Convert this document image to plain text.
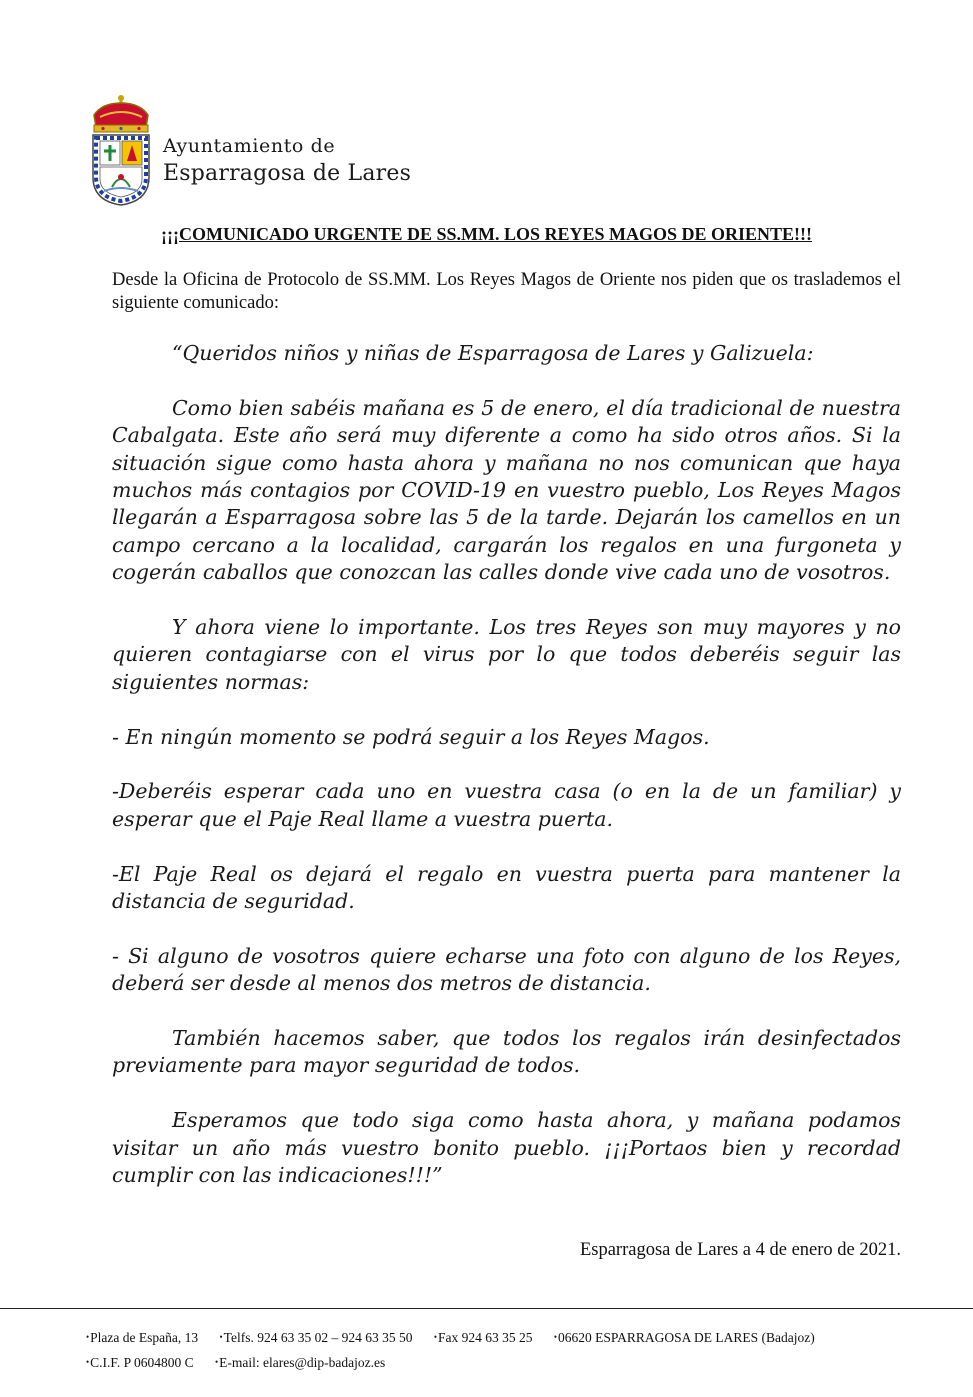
Ayuntamiento de
Esparragosa de Lares
¡¡¡COMUNICADO URGENTE DE SS.MM. LOS REYES MAGOS DE ORIENTE!!!
Desde la Oficina de Protocolo de SS.MM. Los Reyes Magos de Oriente nos piden que os traslademos el siguiente comunicado:

“Queridos niños y niñas de Esparragosa de Lares y Galizuela:

Como bien sabéis mañana es 5 de enero, el día tradicional de nuestra Cabalgata. Este año será muy diferente a como ha sido otros años. Si la situación sigue como hasta ahora y mañana no nos comunican que haya muchos más contagios por COVID-19 en vuestro pueblo, Los Reyes Magos llegarán a Esparragosa sobre las 5 de la tarde. Dejarán los camellos en un campo cercano a la localidad, cargarán los regalos en una furgoneta y cogerán caballos que conozcan las calles donde vive cada uno de vosotros.

Y ahora viene lo importante. Los tres Reyes son muy mayores y no quieren contagiarse con el virus por lo que todos deberéis seguir las siguientes normas:

- En ningún momento se podrá seguir a los Reyes Magos.

-Deberéis esperar cada uno en vuestra casa (o en la de un familiar) y esperar que el Paje Real llame a vuestra puerta.

-El Paje Real os dejará el regalo en vuestra puerta para mantener la distancia de seguridad.

- Si alguno de vosotros quiere echarse una foto con alguno de los Reyes, deberá ser desde al menos dos metros de distancia.

También hacemos saber, que todos los regalos irán desinfectados previamente para mayor seguridad de todos.

Esperamos que todo siga como hasta ahora, y mañana podamos visitar un año más vuestro bonito pueblo. ¡¡¡Portaos bien y recordad cumplir con las indicaciones!!!”

Esparragosa de Lares a 4 de enero de 2021.
• Plaza de España, 13 • Telfs. 924 63 35 02 – 924 63 35 50 • Fax 924 63 35 25 • 06620 ESPARRAGOSA DE LARES (Badajoz)
• C.I.F. P 0604800 C • E-mail: elares@dip-badajoz.es
